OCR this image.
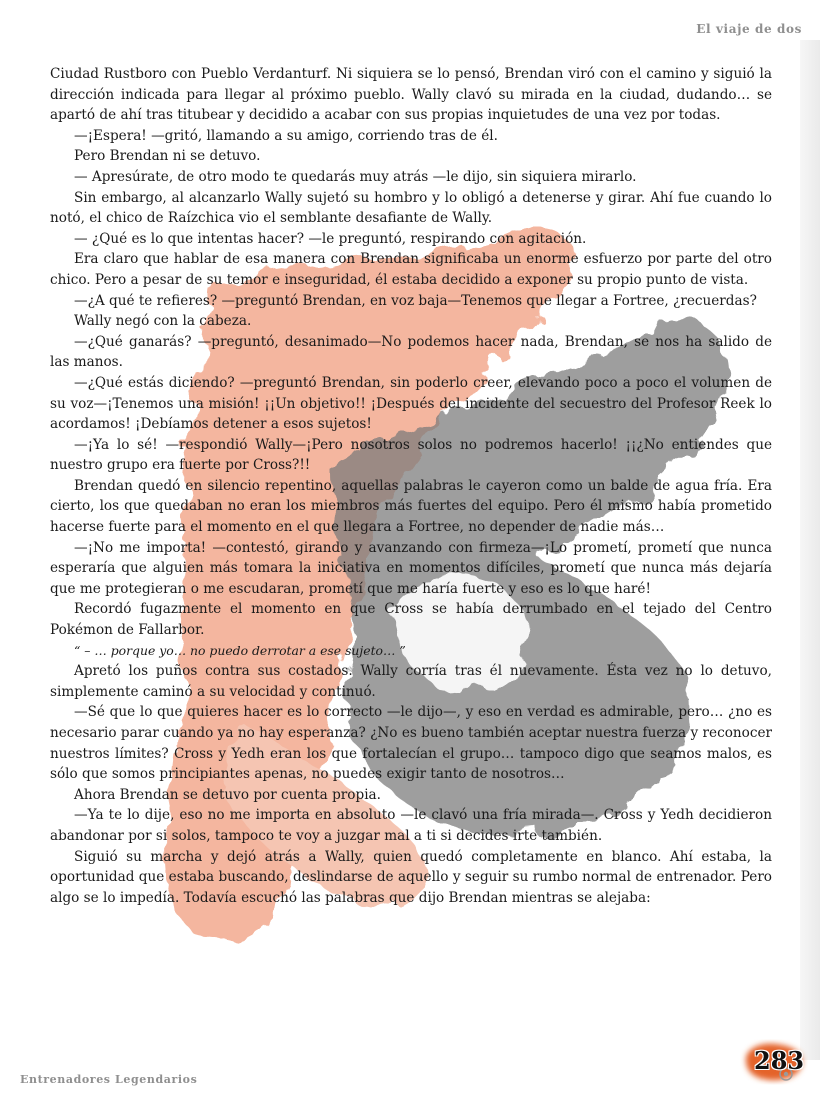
El viaje de dos

Ciudad Rustboro con Pueblo Verdanturf. Ni siquiera se lo pensó, Brendan viró con el camino y siguió la dirección indicada para llegar al próximo pueblo. Wally clavó su mirada en la ciudad, dudando… se apartó de ahí tras titubear y decidido a acabar con sus propias inquietudes de una vez por todas.

—¡Espera! —gritó, llamando a su amigo, corriendo tras de él.

Pero Brendan ni se detuvo.

— Apresúrate, de otro modo te quedarás muy atrás —le dijo, sin siquiera mirarlo.

Sin embargo, al alcanzarlo Wally sujetó su hombro y lo obligó a detenerse y girar. Ahí fue cuando lo notó, el chico de Raízchica vio el semblante desafiante de Wally.

— ¿Qué es lo que intentas hacer? —le preguntó, respirando con agitación.

Era claro que hablar de esa manera con Brendan significaba un enorme esfuerzo por parte del otro chico. Pero a pesar de su temor e inseguridad, él estaba decidido a exponer su propio punto de vista.

—¿A qué te refieres? —preguntó Brendan, en voz baja—Tenemos que llegar a Fortree, ¿recuerdas?

Wally negó con la cabeza.

—¿Qué ganarás? —preguntó, desanimado—No podemos hacer nada, Brendan, se nos ha salido de las manos.

—¿Qué estás diciendo? —preguntó Brendan, sin poderlo creer, elevando poco a poco el volumen de su voz—¡Tenemos una misión! ¡¡Un objetivo!! ¡Después del incidente del secuestro del Profesor Reek lo acordamos! ¡Debíamos detener a esos sujetos!

—¡Ya lo sé! —respondió Wally—¡Pero nosotros solos no podremos hacerlo! ¡¡¿No entiendes que nuestro grupo era fuerte por Cross?!!

Brendan quedó en silencio repentino, aquellas palabras le cayeron como un balde de agua fría. Era cierto, los que quedaban no eran los miembros más fuertes del equipo. Pero él mismo había prometido hacerse fuerte para el momento en el que llegara a Fortree, no depender de nadie más…

—¡No me importa! —contestó, girando y avanzando con firmeza—¡Lo prometí, prometí que nunca esperaría que alguien más tomara la iniciativa en momentos difíciles, prometí que nunca más dejaría que me protegieran o me escudaran, prometí que me haría fuerte y eso es lo que haré!

Recordó fugazmente el momento en que Cross se había derrumbado en el tejado del Centro Pokémon de Fallarbor.

“ – … porque yo… no puedo derrotar a ese sujeto… ”

Apretó los puños contra sus costados. Wally corría tras él nuevamente. Ésta vez no lo detuvo, simplemente caminó a su velocidad y continuó.

—Sé que lo que quieres hacer es lo correcto —le dijo—, y eso en verdad es admirable, pero… ¿no es necesario parar cuando ya no hay esperanza? ¿No es bueno también aceptar nuestra fuerza y reconocer nuestros límites? Cross y Yedh eran los que fortalecían el grupo… tampoco digo que seamos malos, es sólo que somos principiantes apenas, no puedes exigir tanto de nosotros…

Ahora Brendan se detuvo por cuenta propia.

—Ya te lo dije, eso no me importa en absoluto —le clavó una fría mirada—. Cross y Yedh decidieron abandonar por si solos, tampoco te voy a juzgar mal a ti si decides irte también.

Siguió su marcha y dejó atrás a Wally, quien quedó completamente en blanco. Ahí estaba, la oportunidad que estaba buscando, deslindarse de aquello y seguir su rumbo normal de entrenador. Pero algo se lo impedía. Todavía escuchó las palabras que dijo Brendan mientras se alejaba:

Entrenadores Legendarios
283
